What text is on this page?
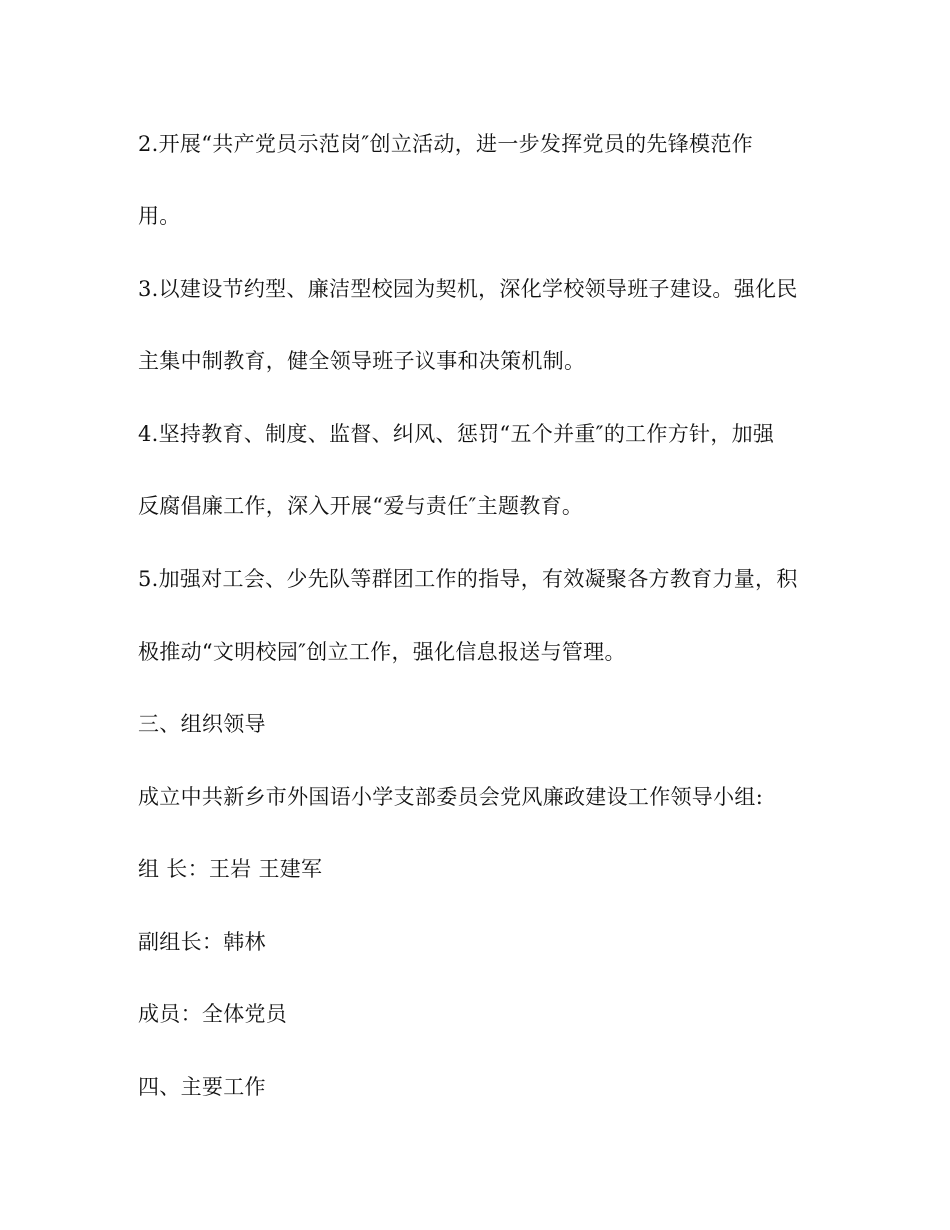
2.开展“共产党员示范岗″创立活动，进一步发挥党员的先锋模范作
用。
3.以建设节约型、廉洁型校园为契机，深化学校领导班子建设。强化民
主集中制教育，健全领导班子议事和决策机制。
4.坚持教育、制度、监督、纠风、惩罚“五个并重″的工作方针，加强
反腐倡廉工作，深入开展“爱与责任″主题教育。
5.加强对工会、少先队等群团工作的指导，有效凝聚各方教育力量，积
极推动“文明校园″创立工作，强化信息报送与管理。
三、组织领导
成立中共新乡市外国语小学支部委员会党风廉政建设工作领导小组:
组 长：王岩 王建军
副组长：韩林
成员：全体党员
四、主要工作
